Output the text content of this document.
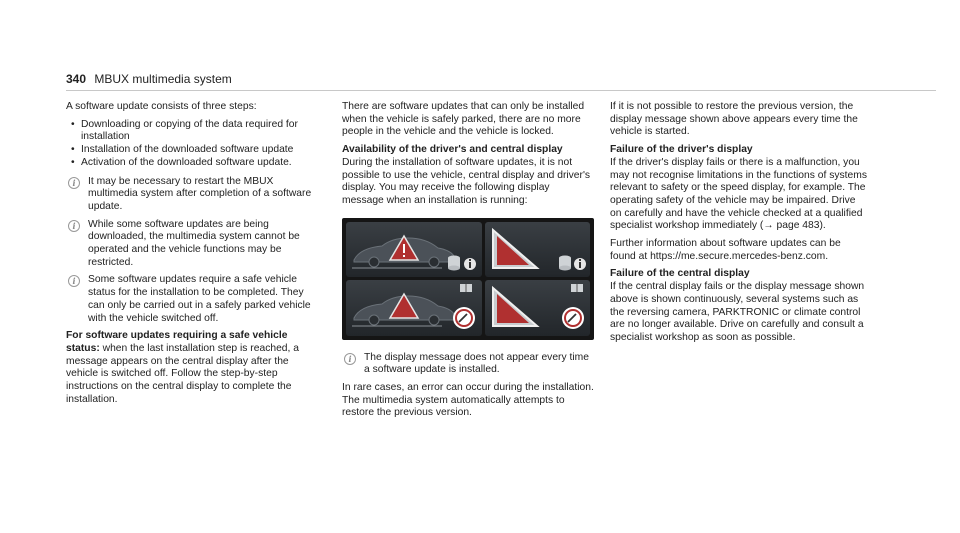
340 MBUX multimedia system

A software update consists of three steps:

• Downloading or copying of the data required for installation
• Installation of the downloaded software update
• Activation of the downloaded software update.
i
It may be necessary to restart the MBUX multimedia system after completion of a software update.
i
While some software updates are being downloaded, the multimedia system cannot be operated and the vehicle functions may be restricted.
i
Some software updates require a safe vehicle status for the installation to be completed. They can only be carried out in a safely parked vehicle with the vehicle switched off.

For software updates requiring a safe vehicle status: when the last installation step is reached, a message appears on the central display after the vehicle is switched off. Follow the step-by-step instructions on the central display to complete the installation.

There are software updates that can only be installed when the vehicle is safely parked, there are no more people in the vehicle and the vehicle is locked.

Availability of the driver's and central display

During the installation of software updates, it is not possible to use the vehicle, central display and driver's display. You may receive the following display message when an installation is running:

i
The display message does not appear every time a software update is installed.

In rare cases, an error can occur during the installation. The multimedia system automatically attempts to restore the previous version.

If it is not possible to restore the previous version, the display message shown above appears every time the vehicle is started.

Failure of the driver's display

If the driver's display fails or there is a malfunction, you may not recognise limitations in the functions of systems relevant to safety or the speed display, for example. The operating safety of the vehicle may be impaired. Drive on carefully and have the vehicle checked at a qualified specialist workshop immediately (→ page 483).

Further information about software updates can be found at https://me.secure.mercedes-benz.com.

Failure of the central display

If the central display fails or the display message shown above is shown continuously, several systems such as the reversing camera, PARKTRONIC or climate control are no longer available. Drive on carefully and consult a specialist workshop as soon as possible.
